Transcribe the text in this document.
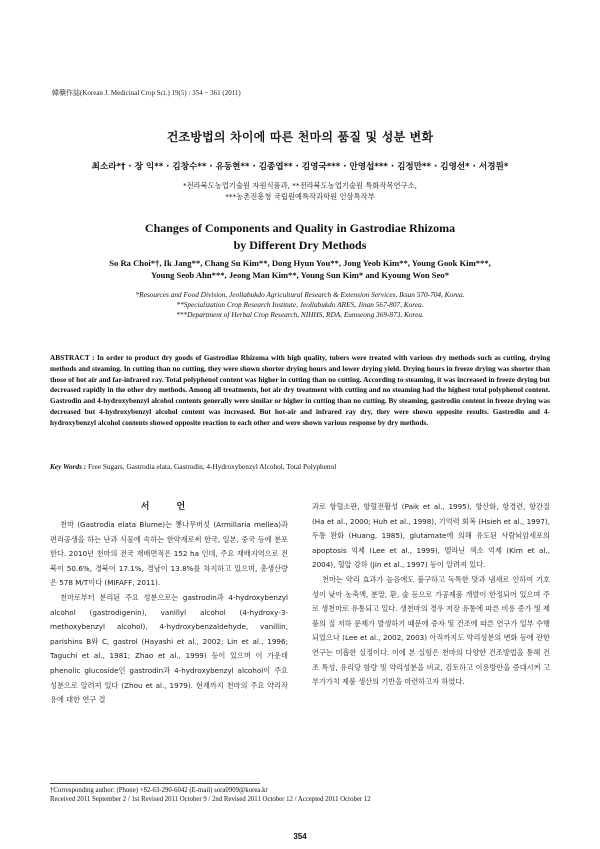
韓藥作誌(Korean J. Medicinal Crop Sci.) 19(5) : 354 − 361 (2011)
건조방법의 차이에 따른 천마의 품질 및 성분 변화
최소라*† · 장 익** · 김창수** · 유동현** · 김종엽** · 김영국*** · 안영섭*** · 김정만** · 김영선* · 서경원*
*전라북도농업기술원 자원식품과, **전라북도농업기술원 특화작목연구소,
***농촌진흥청 국립원예특작과학원 인삼특작부
Changes of Components and Quality in Gastrodiae Rhizoma
by Different Dry Methods
So Ra Choi*†, Ik Jang**, Chang Su Kim**, Dong Hyun You**, Jong Yeob Kim**, Young Gook Kim***,
Young Seob Ahn***, Jeong Man Kim**, Young Sun Kim* and Kyoung Won Seo*
*Resources and Food Division, Jeollabukdo Agricultural Research & Extension Services, Iksan 570-704, Korea.
**Specialization Crop Research Institute, Jeollabukdo ARES, Jinan 567-807, Korea.
***Department of Herbal Crop Research, NIHHS, RDA, Eumseong 369-873, Korea.
ABSTRACT : In order to product dry goods of Gastrodiae Rhizoma with high quality, tubers were treated with various dry methods such as cutting, drying methods and steaming. In cutting than no cutting, they were shown shorter drying hours and lower drying yield. Drying hours in freeze drying was shorter than those of hot air and far-infrared ray. Total polyphenol content was higher in cutting than no cutting. According to steaming, it was increased in freeze drying but decreased rapidly in the other dry methods. Among all treatments, hot air dry treatment with cutting and no steaming had the highest total polyphenol content. Gastrodin and 4-hydroxybenzyl alcohol contents generally were similar or higher in cutting than no cutting. By steaming, gastrodin content in freeze drying was decreased but 4-hydroxybenzyl alcohol content was increased. But hot-air and infrared ray dry, they were shown opposite results. Gastrodin and 4-hydroxybenzyl alcohol contents showed opposite reaction to each other and were shown various response by dry methods.
Key Words : Free Sugars, Gastrodia elata, Gastrodin, 4-Hydroxybenzyl Alcohol, Total Polyphenol
서 언

천마 (Gastrodia elata Blume)는 뽕나무버섯 (Armillaria mellea)과 편리공생을 하는 난과 식물에 속하는 한약재로써 한국, 일본, 중국 등에 분포한다. 2010년 천마의 전국 재배면적은 152 ha 인데, 주요 재배지역으로 전북이 50.6%, 경북이 17.1%, 경남이 13.8%를 차지하고 있으며, 총생산량은 578 M/T이다 (MIFAFF, 2011).

천마로부터 분리된 주요 성분으로는 gastrodin과 4-hydroxybenzyl alcohol (gastrodigenin), vanillyl alcohol (4-hydroxy-3-methoxybenzyl alcohol), 4-hydroxybenzaldehyde, vanillin, parishins B와 C, gastrol (Hayashi et al., 2002; Lin et al., 1996; Taguchi et al., 1981; Zhao et al., 1999) 등이 있으며 이 가운데 phenolic glucoside인 gastrodin과 4-hydroxybenzyl alcohol이 주요 성분으로 알려져 있다 (Zhou et al., 1979). 현재까지 천마의 주요 약리작용에 대한 연구 결

과로 항혈소판, 항혈전활성 (Paik et al., 1995), 항산화, 항경련, 항간질 (Ha et al., 2000; Huh et al., 1998), 기억력 회복 (Hsieh et al., 1997), 두통 완화 (Huang, 1985), glutamate에 의해 유도된 사람뇌암세포의 apoptosis 억제 (Lee et al., 1999), 멜라닌 색소 억제 (Kim et al., 2004), 혈압 강하 (Jin et al., 1997) 등이 알려져 있다.

천마는 약리 효과가 높음에도 불구하고 독특한 맛과 냄새로 인하여 기호성이 낮아 농축액, 분말, 환, 술 등으로 가공제품 개발이 한정되어 있으며 주로 생천마로 유통되고 있다. 생천마의 경우 저장 유통에 따른 비용 증가 및 제품의 질 저하 문제가 발생하기 때문에 증자 및 건조에 따른 연구가 일부 수행되었으나 (Lee et al., 2002, 2003) 아직까지도 약리성분의 변화 등에 관한 연구는 미흡한 실정이다. 이에 본 실험은 천마의 다양한 건조방법을 통해 건조 특성, 유리당 함량 및 약리성분을 비교, 검토하고 이용방안을 증대시켜 고부가가치 제품 생산의 기반을 마련하고자 하였다.

†Corresponding author: (Phone) +82-63-290-6042 (E-mail) sora0909@korea.kr
Received 2011 September 2 / 1st Revised 2011 October 9 / 2nd Revised 2011 October 12 / Accepted 2011 October 12
354
